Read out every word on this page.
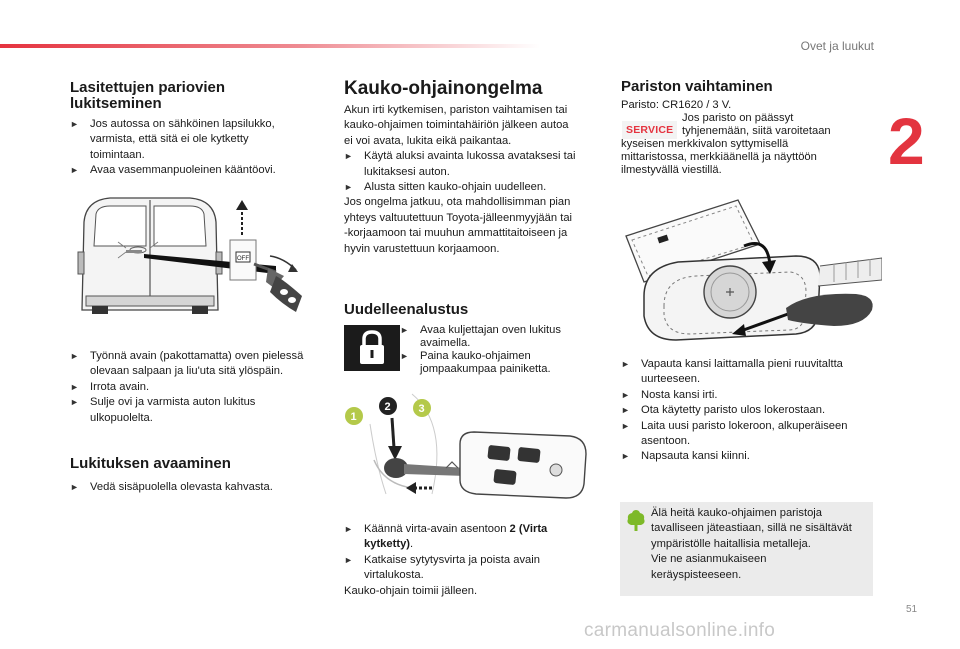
Ovet ja luukut
2
Lasitettujen pariovien
lukitseminen
► Jos autossa on sähköinen lapsilukko,
varmista, että sitä ei ole kytketty
toimintaan.
► Avaa vasemmanpuoleinen kääntöovi.
OFF
► Työnnä avain (pakottamatta) oven pielessä
olevaan salpaan ja liu'uta sitä ylöspäin.
► Irrota avain.
► Sulje ovi ja varmista auton lukitus
ulkopuolelta.
Lukituksen avaaminen
► Vedä sisäpuolella olevasta kahvasta.
Kauko-ohjainongelma
Akun irti kytkemisen, pariston vaihtamisen tai
kauko-ohjaimen toimintahäiriön jälkeen autoa
ei voi avata, lukita eikä paikantaa.
► Käytä aluksi avainta lukossa avataksesi tai
lukitaksesi auton.
► Alusta sitten kauko-ohjain uudelleen.
Jos ongelma jatkuu, ota mahdollisimman pian
yhteys valtuutettuun Toyota-jälleenmyyjään tai
-korjaamoon tai muuhun ammattitaitoiseen ja
hyvin varustettuun korjaamoon.
Uudelleenalustus
► Avaa kuljettajan oven lukitus
avaimella.
► Paina kauko-ohjaimen
jompaakumpaa painiketta.
1
2	3
► Käännä virta-avain asentoon 2 (Virta
kytketty).
► Katkaise sytytysvirta ja poista avain
virtalukosta.
Kauko-ohjain toimii jälleen.
Pariston vaihtaminen
Paristo: CR1620 / 3 V.
SERVICE
Jos paristo on päässyt
tyhjenemään, siitä varoitetaan
kyseisen merkkivalon syttymisellä
mittaristossa, merkkiäänellä ja näyttöön
ilmestyvällä viestillä.
► Vapauta kansi laittamalla pieni ruuvitaltta
uurteeseen.
► Nosta kansi irti.
► Ota käytetty paristo ulos lokerostaan.
► Laita uusi paristo lokeroon, alkuperäiseen
asentoon.
► Napsauta kansi kiinni.
Älä heitä kauko-ohjaimen paristoja
tavalliseen jäteastiaan, sillä ne sisältävät
ympäristölle haitallisia metalleja.
Vie ne asianmukaiseen
keräyspisteeseen.
51
carmanualsonline.info
